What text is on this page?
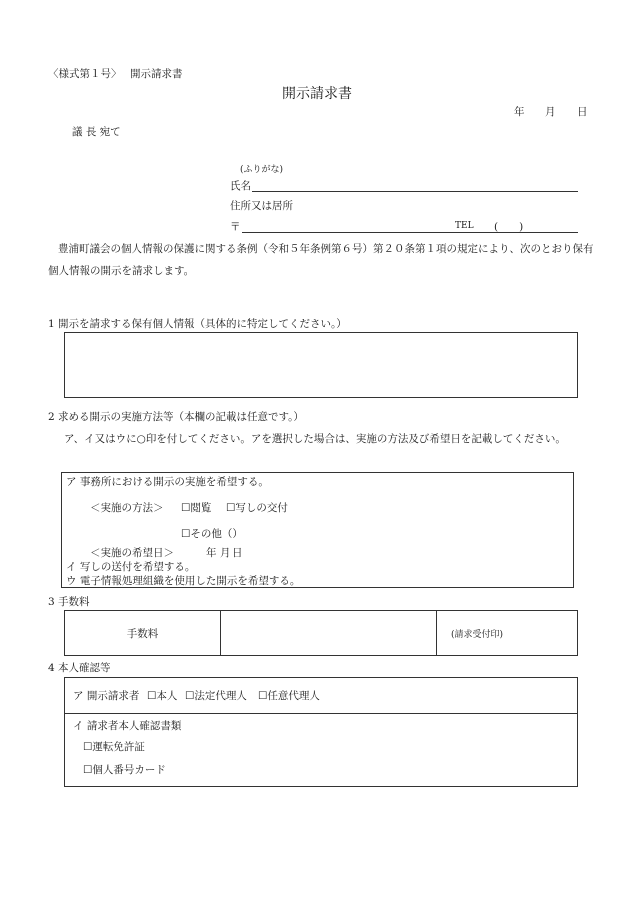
〈様式第１号〉 開示請求書
開示請求書
年 月 日
議 長 宛て
(ふりがな)
氏名
住所又は居所
〒	TEL (　　)
豊浦町議会の個人情報の保護に関する条例（令和５年条例第６号）第２０条第１項の規定により、次のとおり保有個人情報の開示を請求します。
1 開示を請求する保有個人情報（具体的に特定してください。）
2 求める開示の実施方法等（本欄の記載は任意です。）
ア、イ又はウに○印を付してください。アを選択した場合は、実施の方法及び希望日を記載してください。
ア 事務所における開示の実施を希望する。
＜実施の方法＞ ☐閲覧 ☐写しの交付
☐その他（）
＜実施の希望日＞	年 月 日
イ 写しの送付を希望する。
ウ 電子情報処理組織を使用した開示を希望する。
3 手数料
手数料	(請求受付印)
4 本人確認等
ア 開示請求者 ☐本人 ☐法定代理人 ☐任意代理人
イ 請求者本人確認書類
☐運転免許証
☐個人番号カード
